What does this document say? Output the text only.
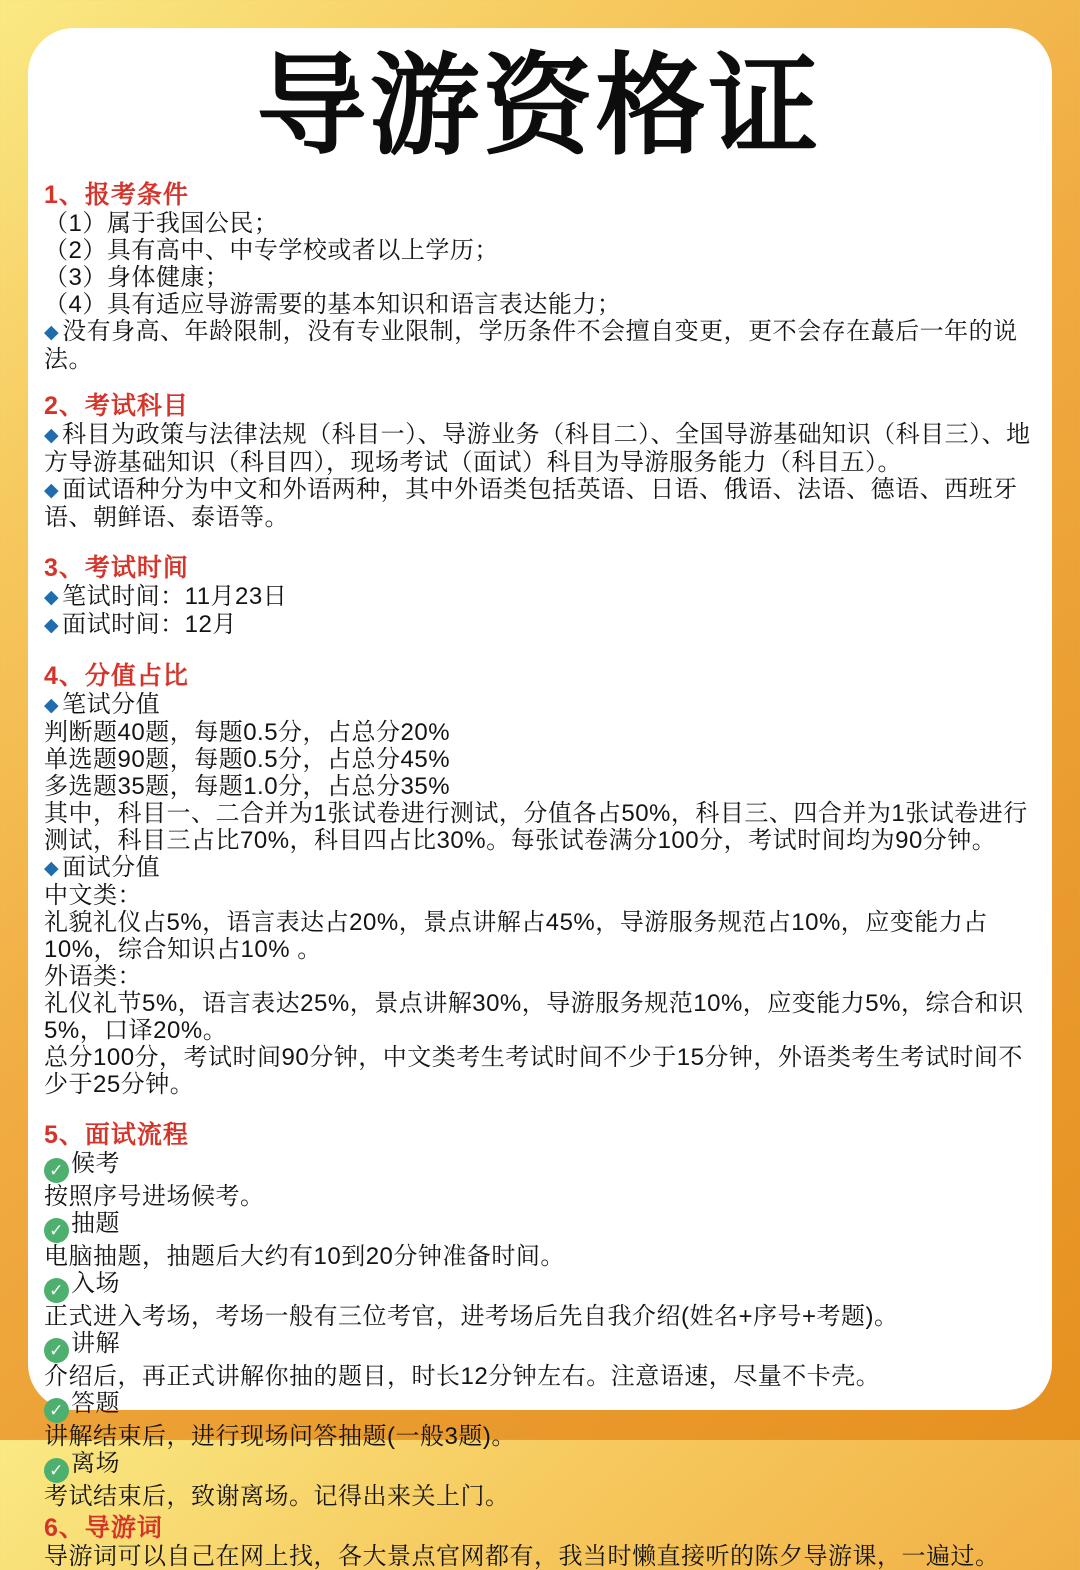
导游资格证
1、报考条件
（1）属于我国公民；
（2）具有高中、中专学校或者以上学历；
（3）身体健康；
（4）具有适应导游需要的基本知识和语言表达能力；
◆ 没有身高、年龄限制，没有专业限制，学历条件不会擅自变更，更不会存在蕞后一年的说法。
2、考试科目
◆ 科目为政策与法律法规（科目一）、导游业务（科目二）、全国导游基础知识（科目三）、地方导游基础知识（科目四），现场考试（面试）科目为导游服务能力（科目五）。
◆ 面试语种分为中文和外语两种，其中外语类包括英语、日语、俄语、法语、德语、西班牙语、朝鲜语、泰语等。
3、考试时间
◆ 笔试时间：11月23日
◆ 面试时间：12月
4、分值占比
◆ 笔试分值
判断题40题，每题0.5分，占总分20%
单选题90题，每题0.5分，占总分45%
多选题35题，每题1.0分，占总分35%
其中，科目一、二合并为1张试卷进行测试，分值各占50%，科目三、四合并为1张试卷进行测试，科目三占比70%，科目四占比30%。每张试卷满分100分，考试时间均为90分钟。
◆ 面试分值
中文类：
礼貌礼仪占5%，语言表达占20%，景点讲解占45%，导游服务规范占10%，应变能力占10%，综合知识占10% 。
外语类：
礼仪礼节5%，语言表达25%，景点讲解30%，导游服务规范10%，应变能力5%，综合和识5%，口译20%。
总分100分，考试时间90分钟，中文类考生考试时间不少于15分钟，外语类考生考试时间不少于25分钟。
5、面试流程
✓ 候考
按照序号进场候考。
✓ 抽题
电脑抽题，抽题后大约有10到20分钟准备时间。
✓ 入场
正式进入考场，考场一般有三位考官，进考场后先自我介绍(姓名+序号+考题)。
✓ 讲解
介绍后，再正式讲解你抽的题目，时长12分钟左右。注意语速，尽量不卡壳。
✓ 答题
讲解结束后，进行现场问答抽题(一般3题)。
✓ 离场
考试结束后，致谢离场。记得出来关上门。
6、导游词
导游词可以自己在网上找，各大景点官网都有，我当时懒直接听的陈夕导游课，一遍过。
